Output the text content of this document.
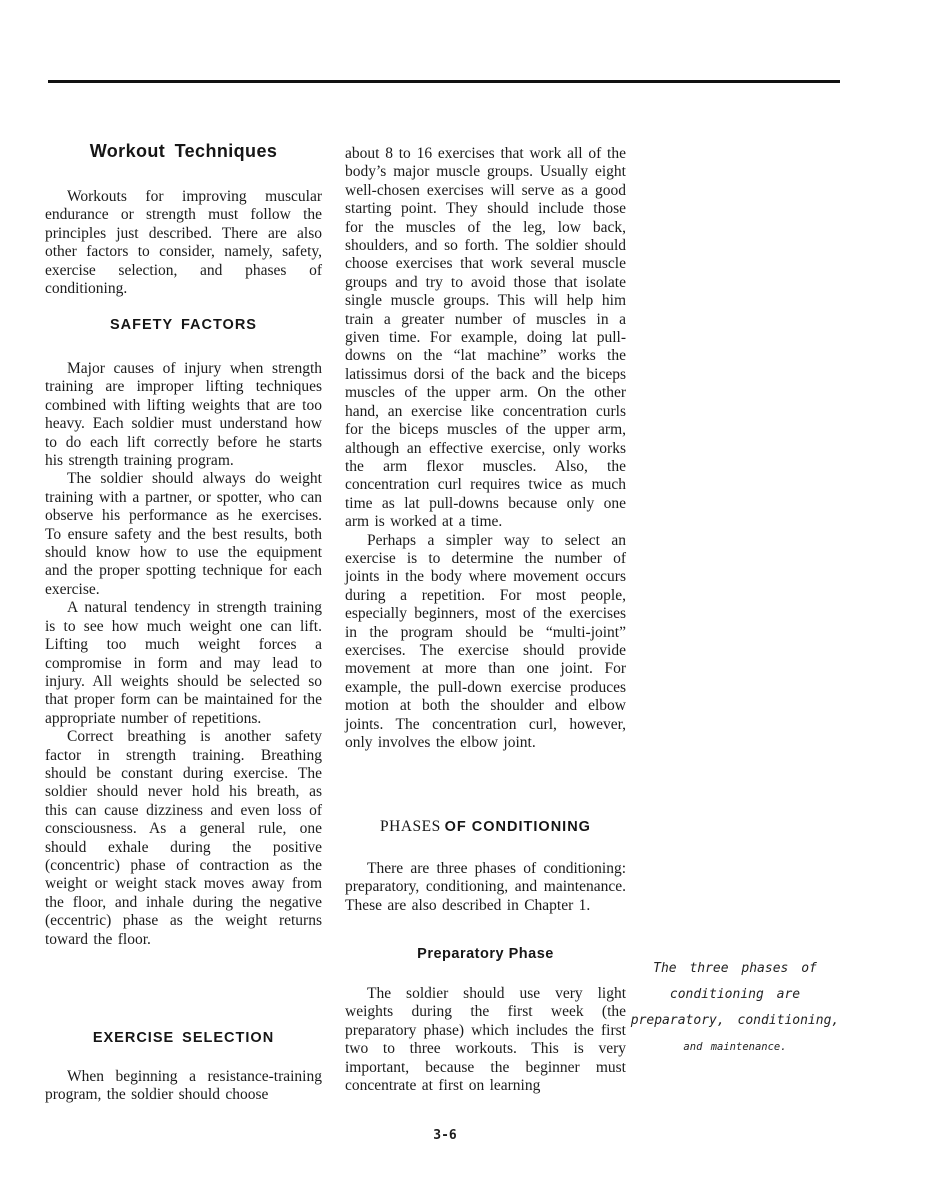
Workout Techniques

Workouts for improving muscular endurance or strength must follow the principles just described. There are also other factors to consider, namely, safety, exercise selection, and phases of conditioning.

SAFETY FACTORS

Major causes of injury when strength training are improper lifting techniques combined with lifting weights that are too heavy. Each soldier must understand how to do each lift correctly before he starts his strength training program.

The soldier should always do weight training with a partner, or spotter, who can observe his performance as he exercises. To ensure safety and the best results, both should know how to use the equipment and the proper spotting technique for each exercise.

A natural tendency in strength training is to see how much weight one can lift. Lifting too much weight forces a compromise in form and may lead to injury. All weights should be selected so that proper form can be maintained for the appropriate number of repetitions.

Correct breathing is another safety factor in strength training. Breathing should be constant during exercise. The soldier should never hold his breath, as this can cause dizziness and even loss of consciousness. As a general rule, one should exhale during the positive (concentric) phase of contraction as the weight or weight stack moves away from the floor, and inhale during the negative (eccentric) phase as the weight returns toward the floor.

EXERCISE SELECTION

When beginning a resistance-training program, the soldier should choose

about 8 to 16 exercises that work all of the body’s major muscle groups. Usually eight well-chosen exercises will serve as a good starting point. They should include those for the muscles of the leg, low back, shoulders, and so forth. The soldier should choose exercises that work several muscle groups and try to avoid those that isolate single muscle groups. This will help him train a greater number of muscles in a given time. For example, doing lat pull-downs on the “lat machine” works the latissimus dorsi of the back and the biceps muscles of the upper arm. On the other hand, an exercise like concentration curls for the biceps muscles of the upper arm, although an effective exercise, only works the arm flexor muscles. Also, the concentration curl requires twice as much time as lat pull-downs because only one arm is worked at a time.

Perhaps a simpler way to select an exercise is to determine the number of joints in the body where movement occurs during a repetition. For most people, especially beginners, most of the exercises in the program should be “multi-joint” exercises. The exercise should provide movement at more than one joint. For example, the pull-down exercise produces motion at both the shoulder and elbow joints. The concentration curl, however, only involves the elbow joint.

PHASES OF CONDITIONING

There are three phases of conditioning: preparatory, conditioning, and maintenance. These are also described in Chapter 1.

Preparatory Phase

The soldier should use very light weights during the first week (the preparatory phase) which includes the first two to three workouts. This is very important, because the beginner must concentrate at first on learning

The three phases of
conditioning are
preparatory, conditioning,
and maintenance.
3-6
